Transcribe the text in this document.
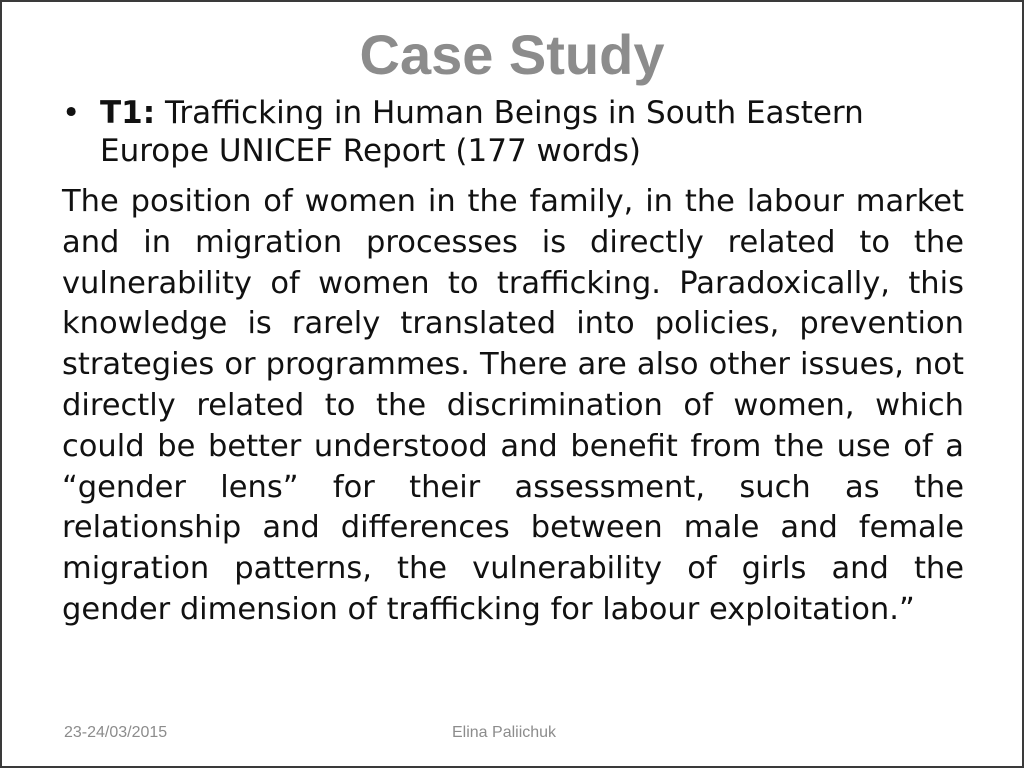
Case Study
• T1: Trafficking in Human Beings in South Eastern Europe UNICEF Report (177 words)

The position of women in the family, in the labour market and in migration processes is directly related to the vulnerability of women to trafficking. Paradoxically, this knowledge is rarely translated into policies, prevention strategies or programmes. There are also other issues, not directly related to the discrimination of women, which could be better understood and benefit from the use of a “gender lens” for their assessment, such as the relationship and differences between male and female migration patterns, the vulnerability of girls and the gender dimension of trafficking for labour exploitation.”

23-24/03/2015	Elina Paliichuk
